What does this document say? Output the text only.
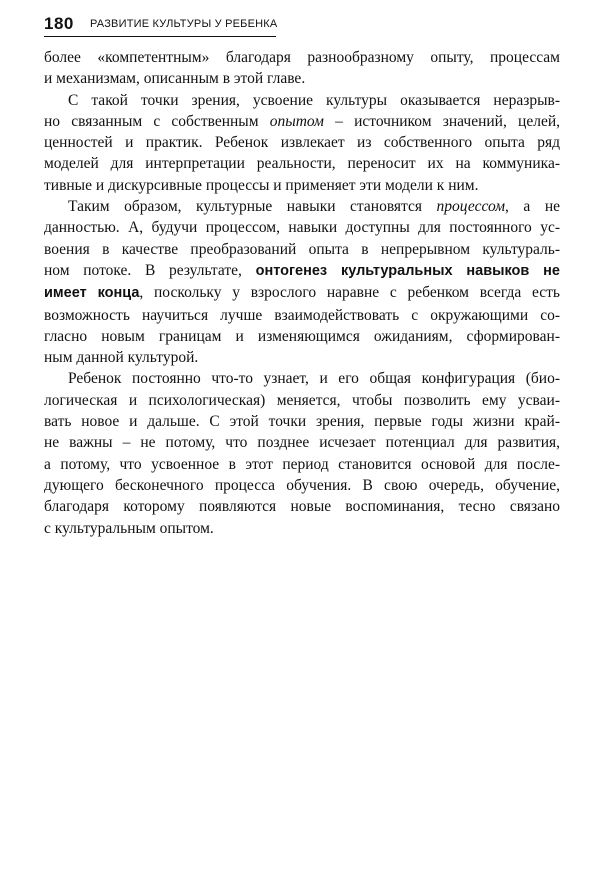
180 РАЗВИТИЕ КУЛЬТУРЫ У РЕБЕНКА

более «компетентным» благодаря разнообразному опыту, процессам
и механизмам, описанным в этой главе.

С такой точки зрения, усвоение культуры оказывается неразрыв-
но связанным с собственным опытом – источником значений, целей,
ценностей и практик. Ребенок извлекает из собственного опыта ряд
моделей для интерпретации реальности, переносит их на коммуника-
тивные и дискурсивные процессы и применяет эти модели к ним.

Таким образом, культурные навыки становятся процессом, а не
данностью. А, будучи процессом, навыки доступны для постоянного ус-
воения в качестве преобразований опыта в непрерывном культураль-
ном потоке. В результате, онтогенез культуральных навыков не
имеет конца, поскольку у взрослого наравне с ребенком всегда есть
возможность научиться лучше взаимодействовать с окружающими со-
гласно новым границам и изменяющимся ожиданиям, сформирован-
ным данной культурой.

Ребенок постоянно что-то узнает, и его общая конфигурация (био-
логическая и психологическая) меняется, чтобы позволить ему усваи-
вать новое и дальше. С этой точки зрения, первые годы жизни край-
не важны – не потому, что позднее исчезает потенциал для развития,
а потому, что усвоенное в этот период становится основой для после-
дующего бесконечного процесса обучения. В свою очередь, обучение,
благодаря которому появляются новые воспоминания, тесно связано
с культуральным опытом.
